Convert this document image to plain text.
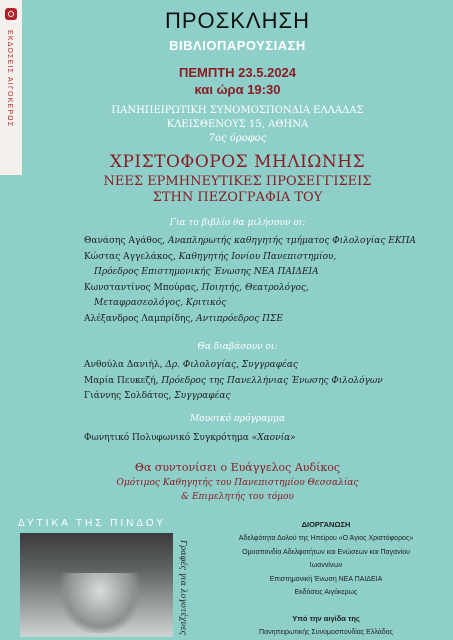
ΕΚΔΟΣΕΙΣ ΑΙΓΟΚΕΡΩΣ
ΠΡΟΣΚΛΗΣΗ
ΒΙΒΛΙΟΠΑΡΟΥΣΙΑΣΗ
ΠΕΜΠΤΗ 23.5.2024
και ώρα 19:30
ΠΑΝΗΠΕΙΡΩΤΙΚΗ ΣΥΝΟΜΟΣΠΟΝΔΙΑ ΕΛΛΑΔΑΣ
ΚΛΕΙΣΘΕΝΟΥΣ 15, ΑΘΗΝΑ
7ος όροφος
ΧΡΙΣΤΟΦΟΡΟΣ ΜΗΛΙΩΝΗΣ
ΝΕΕΣ ΕΡΜΗΝΕΥΤΙΚΕΣ ΠΡΟΣΕΓΓΙΣΕΙΣ
ΣΤΗΝ ΠΕΖΟΓΡΑΦΙΑ ΤΟΥ
Για το βιβλίο θα μιλήσουν οι:
Θανάσης Αγάθος, Αναπληρωτής καθηγητής τμήματος Φιλολογίας ΕΚΠΑ
Κώστας Αγγελάκος, Καθηγητής Ιονίου Πανεπιστημίου,
Πρόεδρος Επιστημονικής Ένωσης ΝΕΑ ΠΑΙΔΕΙΑ
Κωνσταντίνος Μπούρας, Ποιητής, Θεατρολόγος,
Μεταφρασεολόγος, Κριτικός
Αλέξανδρος Λαμπρίδης, Αντιπρόεδρος ΠΣΕ
Θα διαβάσουν οι:
Ανθούλα Δανιήλ, Δρ. Φιλολογίας, Συγγραφέας
Μαρία Πευκεζή, Πρόεδρος της Πανελλήνιας Ένωσης Φιλολόγων
Γιάννης Σολδάτος, Συγγραφέας
Μουσικό πρόγραμμα
Φωνητικό Πολυφωνικό Συγκρότημα «Χαονία»
Θα συντονίσει ο Ευάγγελος Αυδίκος
Ομότιμος Καθηγητής του Πανεπιστημίου Θεσσαλίας
& Επιμελητής του τόμου
ΔΥΤΙΚΑ ΤΗΣ ΠΙΝΔΟΥ
Γραφές για λογοτέχνες
ΔΙΟΡΓΑΝΩΣΗ
Αδελφότητα Δολού της Ηπείρου «Ο Άγιος Χριστόφορος»
Ομοσπονδία Αδελφοτήτων και Ενώσεων και Παγανίου
Ιωαννίνων
Επιστημονική Ένωση ΝΕΑ ΠΑΙΔΕΙΑ
Εκδόσεις Αιγόκερως
Υπό την αιγίδα της
Πανηπειρωτικής Συνομοσπονδίας Ελλάδος
